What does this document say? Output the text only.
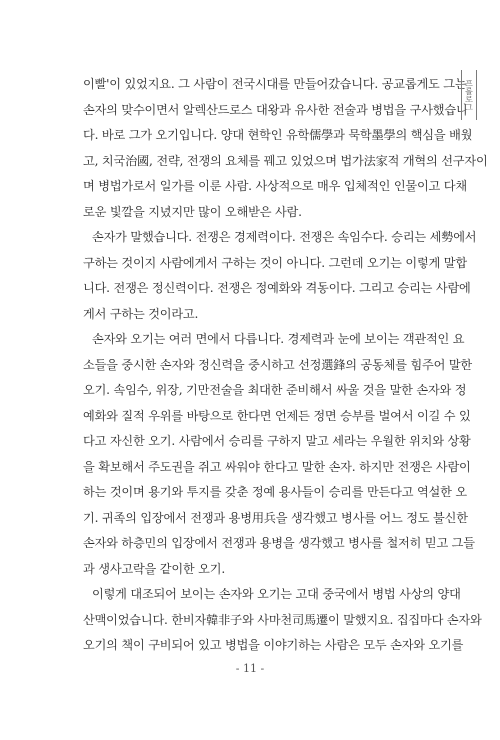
이빨'이 있었지요. 그 사람이 전국시대를 만들어갔습니다. 공교롭게도 그는
손자의 맞수이면서 알렉산드로스 대왕과 유사한 전술과 병법을 구사했습니
다. 바로 그가 오기입니다. 양대 현학인 유학儒學과 묵학墨學의 핵심을 배웠
고, 치국治國, 전략, 전쟁의 요체를 꿰고 있었으며 법가法家적 개혁의 선구자이
며 병법가로서 일가를 이룬 사람. 사상적으로 매우 입체적인 인물이고 다채
로운 빛깔을 지녔지만 많이 오해받은 사람.
손자가 말했습니다. 전쟁은 경제력이다. 전쟁은 속임수다. 승리는 세勢에서
구하는 것이지 사람에게서 구하는 것이 아니다. 그런데 오기는 이렇게 말합
니다. 전쟁은 정신력이다. 전쟁은 정예화와 격동이다. 그리고 승리는 사람에
게서 구하는 것이라고.
손자와 오기는 여러 면에서 다릅니다. 경제력과 눈에 보이는 객관적인 요
소들을 중시한 손자와 정신력을 중시하고 선정選鋒의 공동체를 힘주어 말한
오기. 속임수, 위장, 기만전술을 최대한 준비해서 싸울 것을 말한 손자와 정
예화와 질적 우위를 바탕으로 한다면 언제든 정면 승부를 벌여서 이길 수 있
다고 자신한 오기. 사람에서 승리를 구하지 말고 세라는 우월한 위치와 상황
을 확보해서 주도권을 쥐고 싸워야 한다고 말한 손자. 하지만 전쟁은 사람이
하는 것이며 용기와 투지를 갖춘 정예 용사들이 승리를 만든다고 역설한 오
기. 귀족의 입장에서 전쟁과 용병用兵을 생각했고 병사를 어느 정도 불신한
손자와 하층민의 입장에서 전쟁과 용병을 생각했고 병사를 철저히 믿고 그들
과 생사고락을 같이한 오기.
이렇게 대조되어 보이는 손자와 오기는 고대 중국에서 병법 사상의 양대
산맥이었습니다. 한비자韓非子와 사마천司馬遷이 말했지요. 집집마다 손자와
오기의 책이 구비되어 있고 병법을 이야기하는 사람은 모두 손자와 오기를
프롤로그
- 11 -
